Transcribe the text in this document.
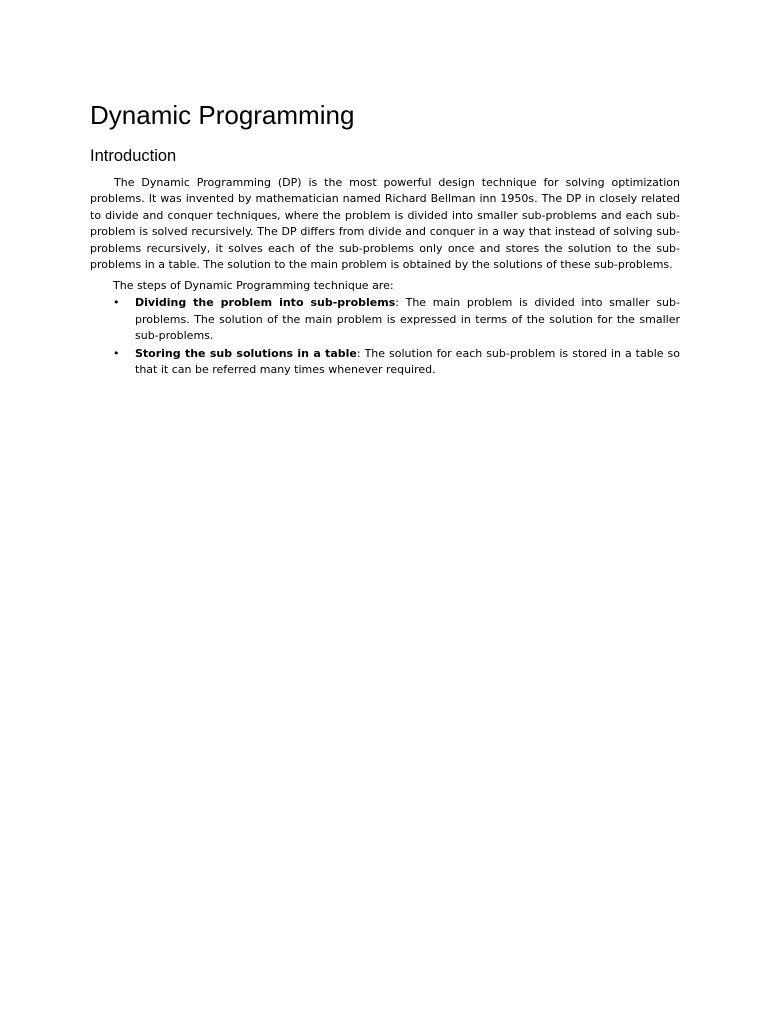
Dynamic Programming
Introduction

The Dynamic Programming (DP) is the most powerful design technique for solving optimization problems. It was invented by mathematician named Richard Bellman inn 1950s. The DP in closely related to divide and conquer techniques, where the problem is divided into smaller sub-problems and each sub-problem is solved recursively. The DP differs from divide and conquer in a way that instead of solving sub-problems recursively, it solves each of the sub-problems only once and stores the solution to the sub-problems in a table. The solution to the main problem is obtained by the solutions of these sub-problems.

The steps of Dynamic Programming technique are:

• Dividing the problem into sub-problems: The main problem is divided into smaller sub-problems. The solution of the main problem is expressed in terms of the solution for the smaller sub-problems.
• Storing the sub solutions in a table: The solution for each sub-problem is stored in a table so that it can be referred many times whenever required.
